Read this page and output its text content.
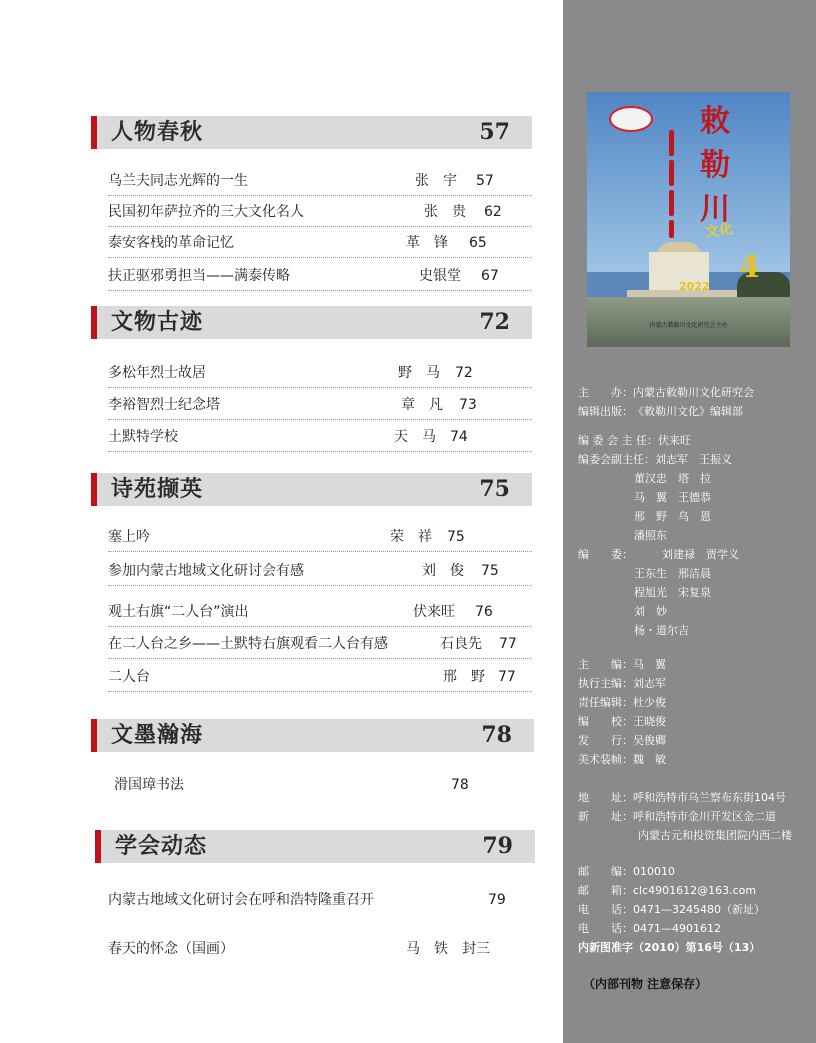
人物春秋	57
乌兰夫同志光辉的一生	张　宇 57
民国初年萨拉齐的三大文化名人	张　贵 62
泰安客栈的革命记忆	革　锋 65
扶正驱邪勇担当——满泰传略	史银堂 67
文物古迹	72
多松年烈士故居	野　马 72
李裕智烈士纪念塔	章　凡 73
土默特学校	天　马 74
诗苑撷英	75
塞上吟	荣　祥 75
参加内蒙古地域文化研讨会有感	刘　俊 75
观土右旗“二人台”演出	伏来旺 76
在二人台之乡——土默特右旗观看二人台有感	石良先 77
二人台	邢　野 77
文墨瀚海	78
滑国璋书法	78
学会动态	79
内蒙古地域文化研讨会在呼和浩特隆重召开	79
春天的怀念（国画）	马　铁　封三
敕
勒
川
文化
4
2022
内蒙古敕勒川文化研究会主办
主　　办：内蒙古敕勒川文化研究会
编辑出版：《敕勒川文化》编辑部
编 委 会 主 任：伏来旺
编委会副主任：刘志军　王振义
董汉忠　塔　拉
马　翼　王德恭
邢　野　乌　恩
潘照东
编　　委：	刘建禄　贾学义
王东生　邢洁晨
程旭光　宋复泉
刘　妙
杨・道尔吉
主　　编：马　翼
执行主编：刘志军
责任编辑：杜少俊
编　　校：王晓俊
发　　行：吴俊卿
美术装帧：魏　敏
地　　址：呼和浩特市乌兰察布东街104号
新　　址：呼和浩特市金川开发区金二道
内蒙古元和投资集团院内西二楼
邮　　编：010010
邮　　箱：clc4901612@163.com
电　　话：0471—3245480（新址）
电　　话：0471—4901612
内新图准字（2010）第16号（13）
（内部刊物 注意保存）
